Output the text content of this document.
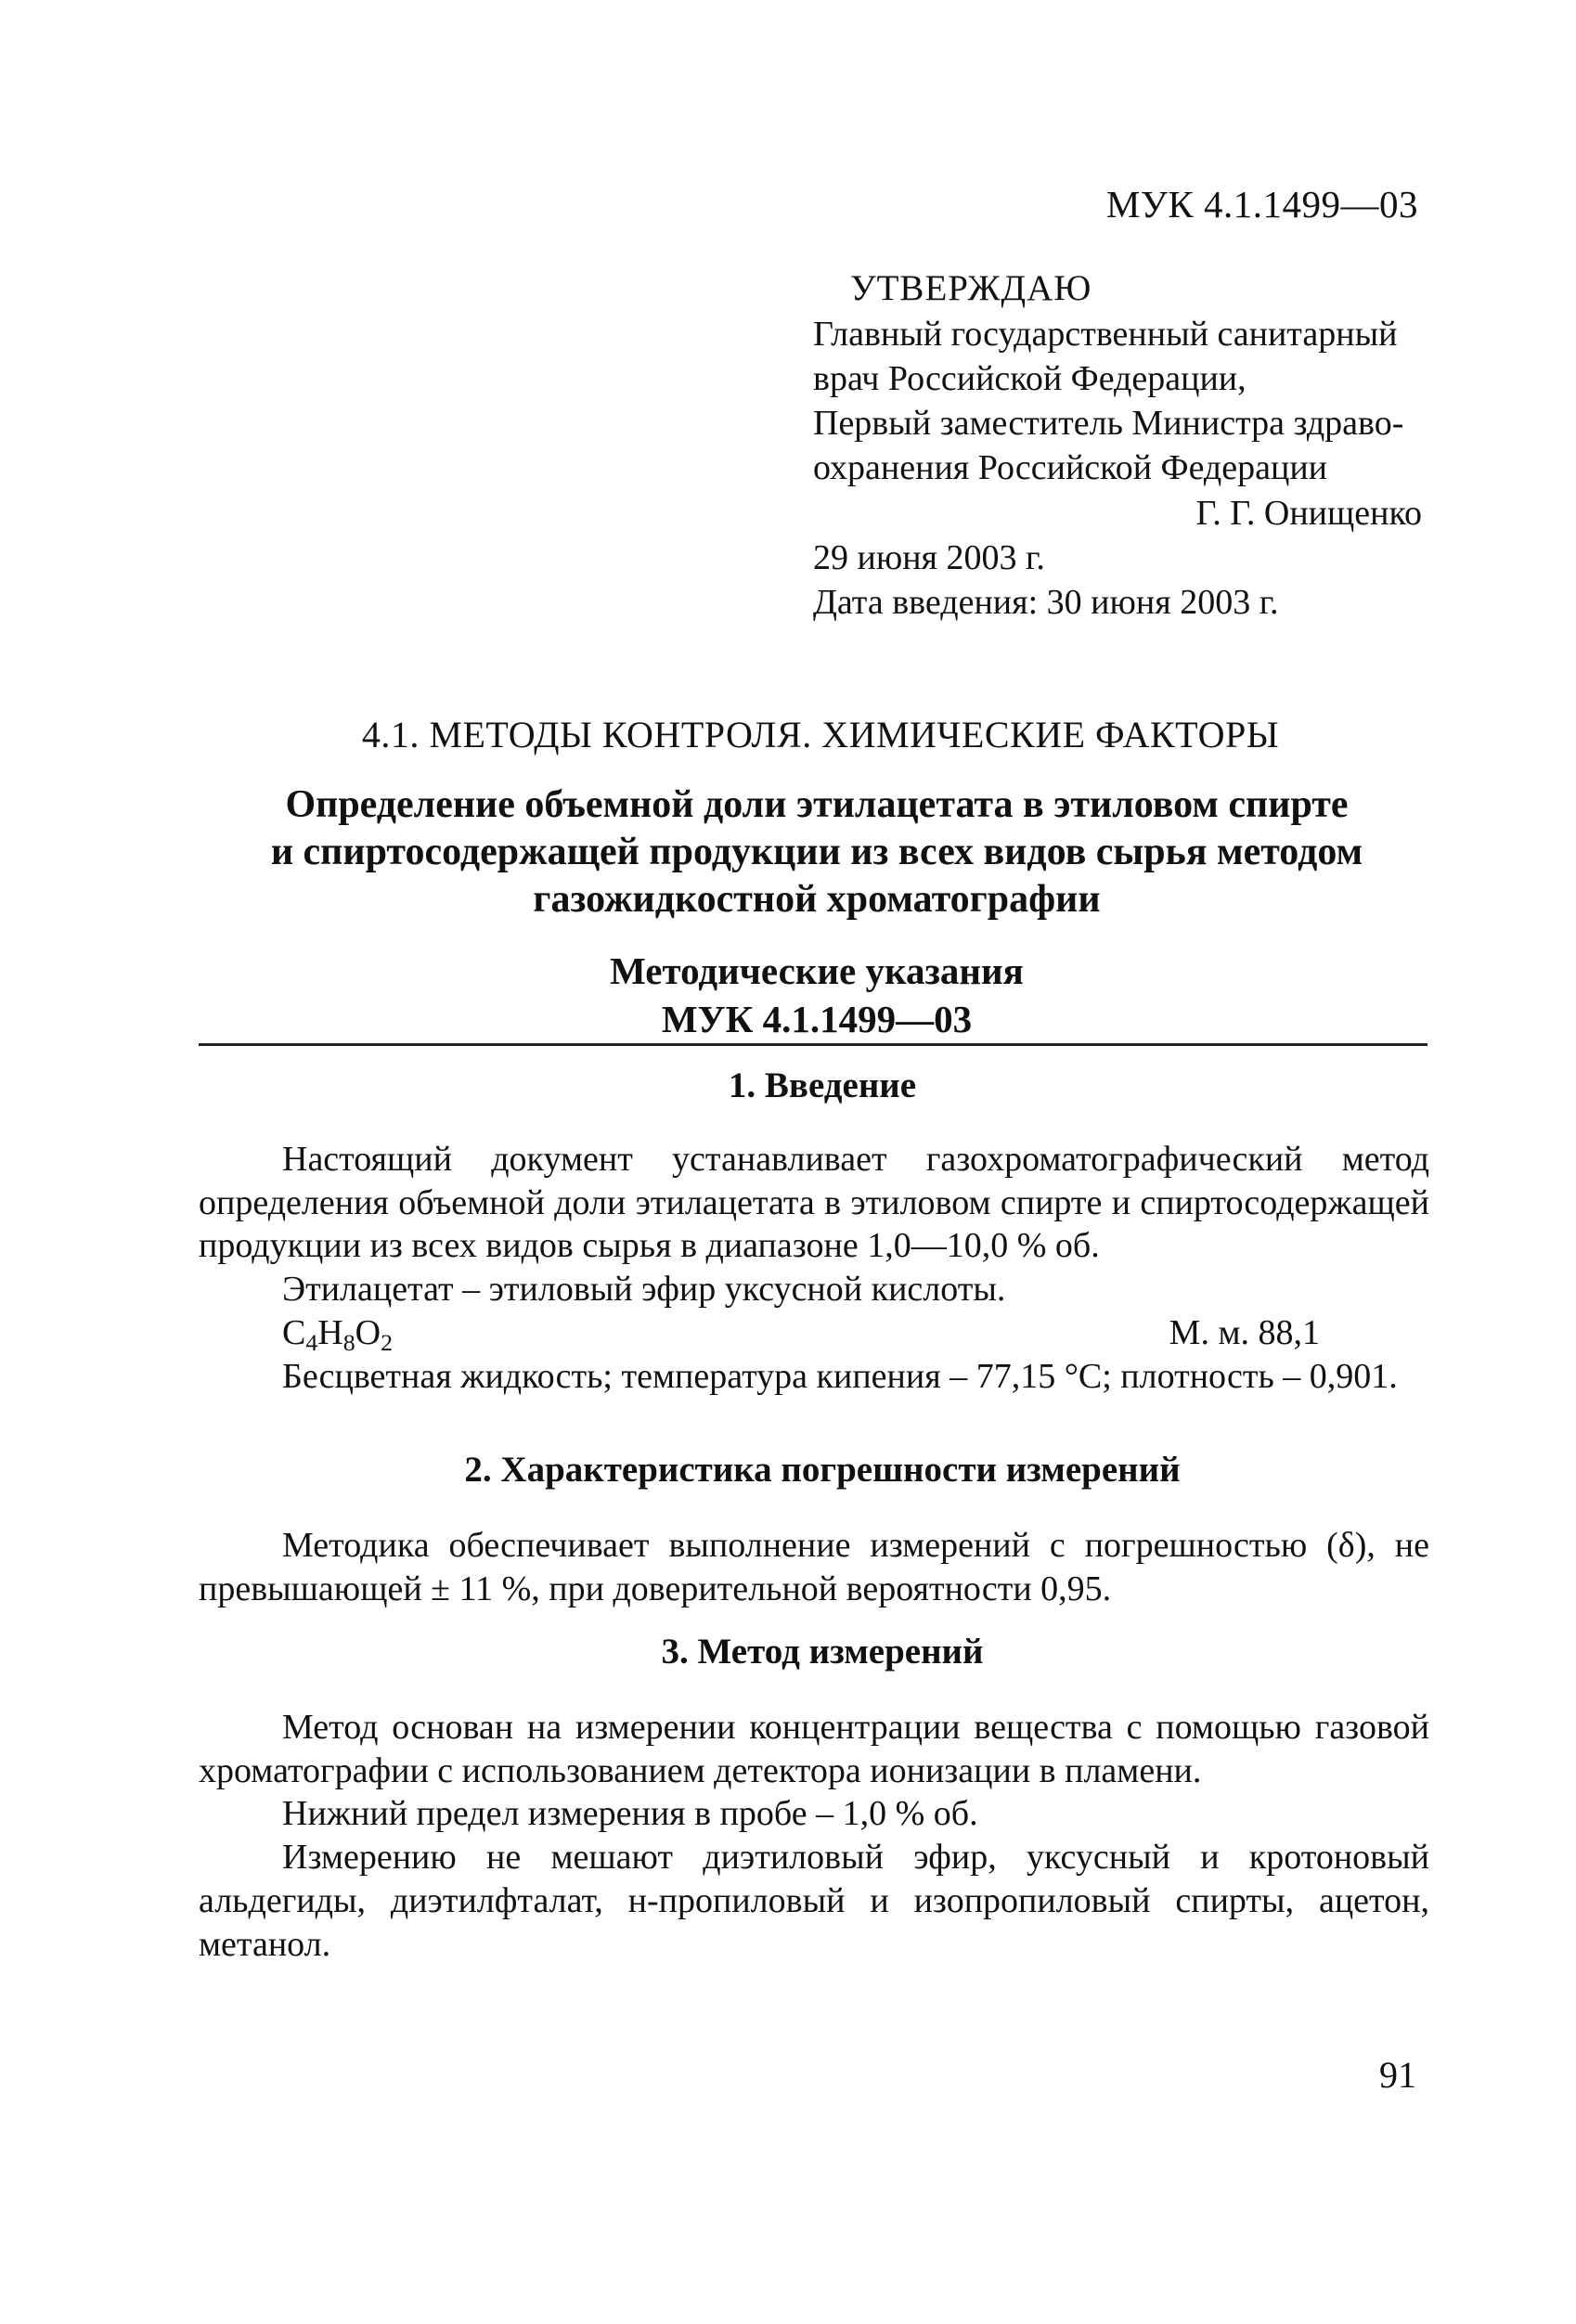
МУК 4.1.1499—03
УТВЕРЖДАЮ
Главный государственный санитарный
врач Российской Федерации,
Первый заместитель Министра здраво-
охранения Российской Федерации
Г. Г. Онищенко
29 июня 2003 г.
Дата введения: 30 июня 2003 г.
4.1. МЕТОДЫ КОНТРОЛЯ. ХИМИЧЕСКИЕ ФАКТОРЫ
Определение объемной доли этилацетата в этиловом спирте
и спиртосодержащей продукции из всех видов сырья методом
газожидкостной хроматографии
Методические указания
МУК 4.1.1499—03
1. Введение

Настоящий документ устанавливает газохроматографический метод определения объемной доли этилацетата в этиловом спирте и спиртосодержащей продукции из всех видов сырья в диапазоне 1,0—10,0 % об.

Этилацетат – этиловый эфир уксусной кислоты.

$C_4H_8O_2$	М. м. 88,1

Бесцветная жидкость; температура кипения – 77,15 °С; плотность – 0,901.

2. Характеристика погрешности измерений

Методика обеспечивает выполнение измерений с погрешностью (δ), не превышающей ± 11 %, при доверительной вероятности 0,95.

3. Метод измерений

Метод основан на измерении концентрации вещества с помощью газовой хроматографии с использованием детектора ионизации в пламени.

Нижний предел измерения в пробе – 1,0 % об.

Измерению не мешают диэтиловый эфир, уксусный и кротоновый альдегиды, диэтилфталат, н-пропиловый и изопропиловый спирты, ацетон, метанол.

91
